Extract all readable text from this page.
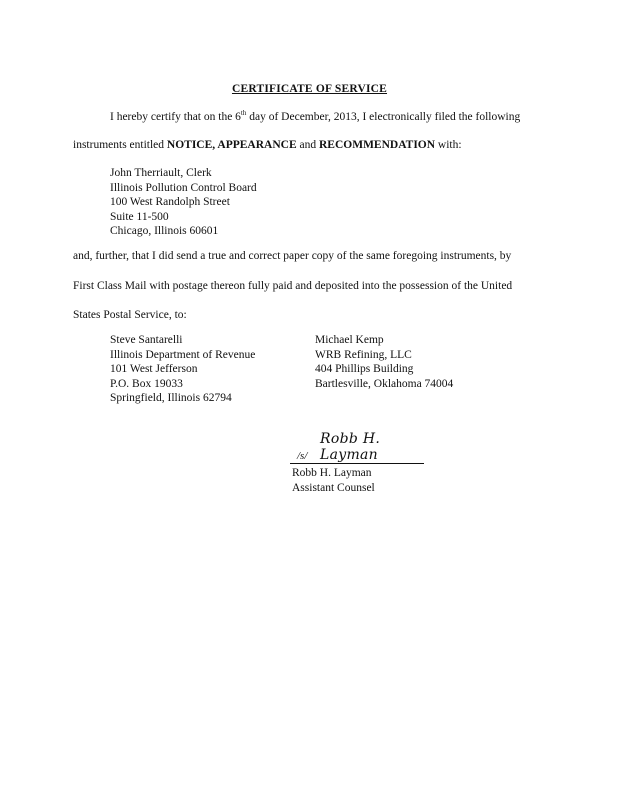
CERTIFICATE OF SERVICE
I hereby certify that on the 6th day of December, 2013, I electronically filed the following
instruments entitled NOTICE, APPEARANCE and RECOMMENDATION with:
John Therriault, Clerk
Illinois Pollution Control Board
100 West Randolph Street
Suite 11-500
Chicago, Illinois 60601
and, further, that I did send a true and correct paper copy of the same foregoing instruments, by
First Class Mail with postage thereon fully paid and deposited into the possession of the United
States Postal Service, to:
Steve Santarelli
Illinois Department of Revenue
101 West Jefferson
P.O. Box 19033
Springfield, Illinois 62794
Michael Kemp
WRB Refining, LLC
404 Phillips Building
Bartlesville, Oklahoma 74004
/s/
Robb H. Layman
Robb H. Layman
Assistant Counsel
